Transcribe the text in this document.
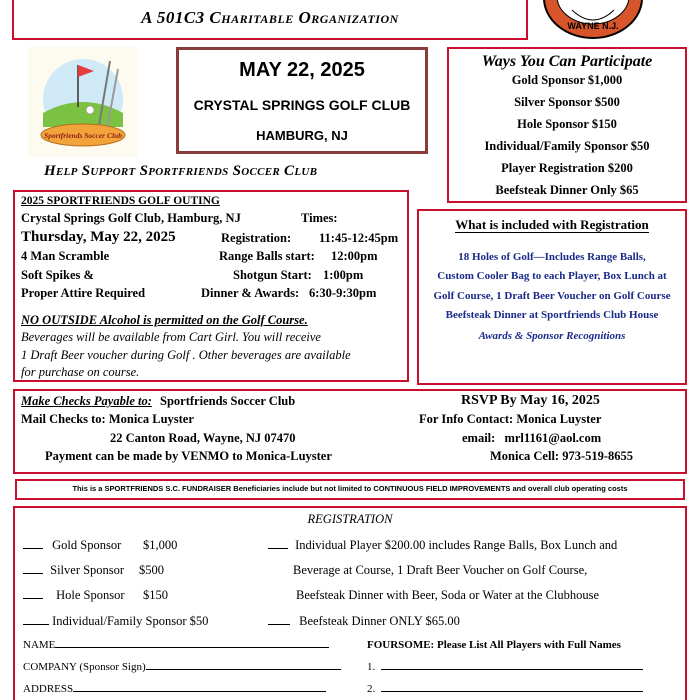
A 501C3 Charitable Organization	WAYNE N.J.
Sportfriends Soccer Club
MAY 22, 2025
CRYSTAL SPRINGS GOLF CLUB
HAMBURG, NJ
Ways You Can Participate
Gold Sponsor $1,000
Silver Sponsor $500
Hole Sponsor $150
Individual/Family Sponsor $50
Player Registration $200
Beefsteak Dinner Only $65
Help Support Sportfriends Soccer Club
2025 SPORTFRIENDS GOLF OUTING
Crystal Springs Golf Club, Hamburg, NJ	Times:
Thursday, May 22, 2025
4 Man Scramble
Soft Spikes &
Proper Attire Required
Registration: 11:45-12:45pm
Range Balls start: 12:00pm
Shotgun Start: 1:00pm
Dinner & Awards: 6:30-9:30pm
NO OUTSIDE Alcohol is permitted on the Golf Course.
Beverages will be available from Cart Girl. You will receive
1 Draft Beer voucher during Golf . Other beverages are available
for purchase on course.
What is included with Registration
18 Holes of Golf—Includes Range Balls,
Custom Cooler Bag to each Player, Box Lunch at
Golf Course, 1 Draft Beer Voucher on Golf Course
Beefsteak Dinner at Sportfriends Club House
Awards & Sponsor Recognitions
Make Checks Payable to: Sportfriends Soccer Club
Mail Checks to: Monica Luyster
22 Canton Road, Wayne, NJ 07470
Payment can be made by VENMO to Monica-Luyster
RSVP By May 16, 2025
For Info Contact: Monica Luyster
email: mrl1161@aol.com
Monica Cell: 973-519-8655
This is a SPORTFRIENDS S.C. FUNDRAISER Beneficiaries include but not limited to CONTINUOUS FIELD IMPROVEMENTS and overall club operating costs
REGISTRATION
Gold Sponsor $1,000
Silver Sponsor $500
Hole Sponsor $150
Individual/Family Sponsor $50
Individual Player $200.00 includes Range Balls, Box Lunch and
Beverage at Course, 1 Draft Beer Voucher on Golf Course,
Beefsteak Dinner with Beer, Soda or Water at the Clubhouse
Beefsteak Dinner ONLY $65.00
NAME
COMPANY (Sponsor Sign)
ADDRESS
FOURSOME: Please List All Players with Full Names
1.
2.
